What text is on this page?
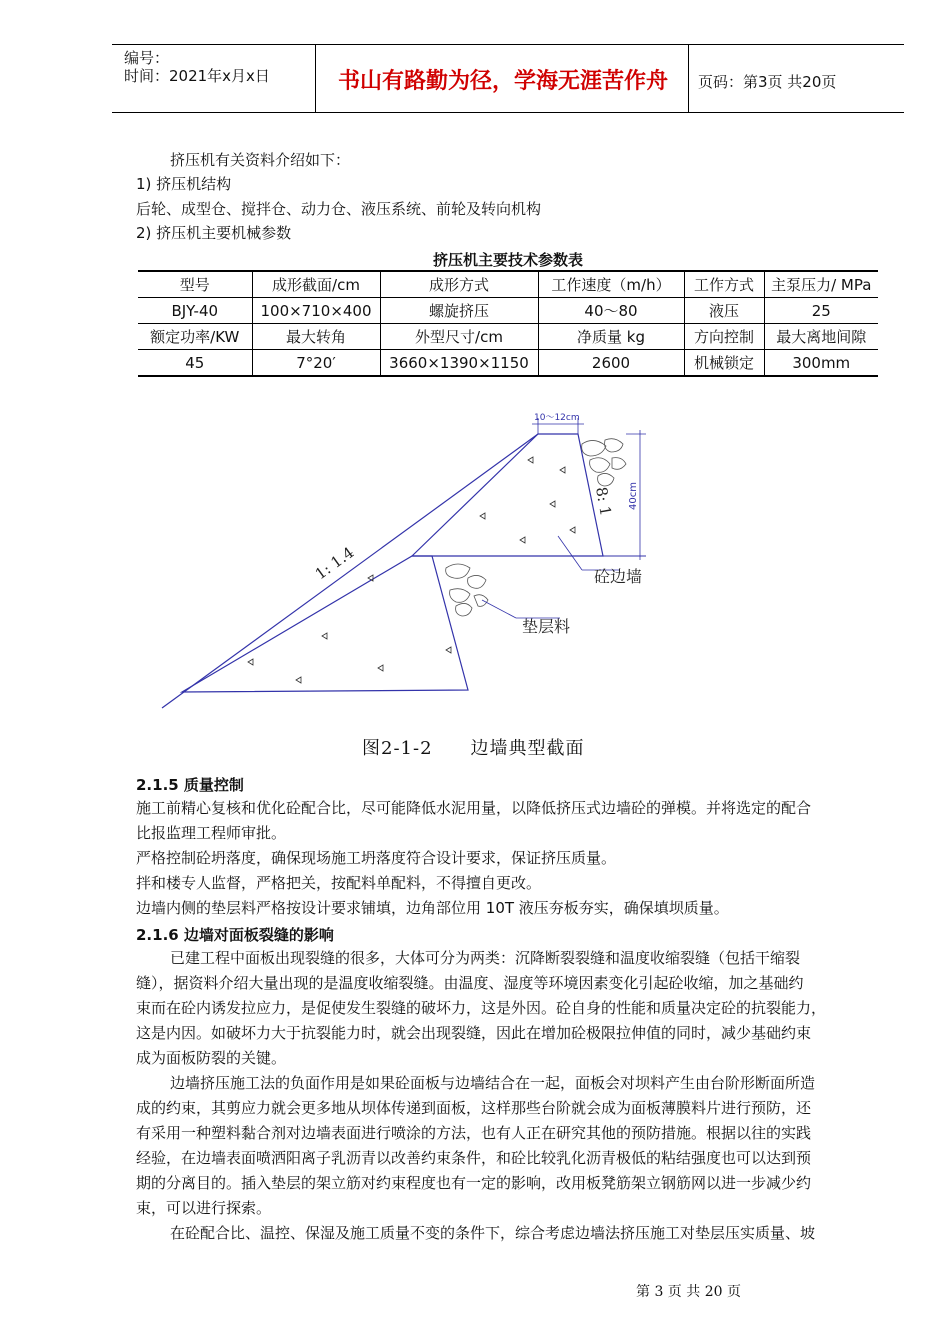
编号：
时间：2021年x月x日	书山有路勤为径，学海无涯苦作舟	页码：第3页 共20页
挤压机有关资料介绍如下：
1) 挤压机结构
后轮、成型仓、搅拌仓、动力仓、液压系统、前轮及转向机构
2) 挤压机主要机械参数
挤压机主要技术参数表
型号	成形截面/cm	成形方式	工作速度（m/h）	工作方式	主泵压力/ MPa
BJY-40	100×710×400	螺旋挤压	40～80	液压	25
额定功率/KW	最大转角	外型尺寸/cm	净质量 kg	方向控制	最大离地间隙
45	7°20′	3660×1390×1150	2600	机械锁定	300mm
10～12cm
40cm
1: 1.4
8: 1
砼边墙
垫层料
图2-1-2　　边墙典型截面
2.1.5 质量控制
施工前精心复核和优化砼配合比，尽可能降低水泥用量，以降低挤压式边墙砼的弹模。并将选定的配合
比报监理工程师审批。
严格控制砼坍落度，确保现场施工坍落度符合设计要求，保证挤压质量。
拌和楼专人监督，严格把关，按配料单配料，不得擅自更改。
边墙内侧的垫层料严格按设计要求铺填，边角部位用 10T 液压夯板夯实，确保填坝质量。
2.1.6 边墙对面板裂缝的影响
已建工程中面板出现裂缝的很多，大体可分为两类：沉降断裂裂缝和温度收缩裂缝（包括干缩裂
缝），据资料介绍大量出现的是温度收缩裂缝。由温度、湿度等环境因素变化引起砼收缩，加之基础约
束而在砼内诱发拉应力，是促使发生裂缝的破坏力，这是外因。砼自身的性能和质量决定砼的抗裂能力，
这是内因。如破坏力大于抗裂能力时，就会出现裂缝，因此在增加砼极限拉伸值的同时，减少基础约束
成为面板防裂的关键。
边墙挤压施工法的负面作用是如果砼面板与边墙结合在一起，面板会对坝料产生由台阶形断面所造
成的约束，其剪应力就会更多地从坝体传递到面板，这样那些台阶就会成为面板薄膜料片进行预防，还
有采用一种塑料黏合剂对边墙表面进行喷涂的方法，也有人正在研究其他的预防措施。根据以往的实践
经验，在边墙表面喷洒阳离子乳沥青以改善约束条件，和砼比较乳化沥青极低的粘结强度也可以达到预
期的分离目的。插入垫层的架立筋对约束程度也有一定的影响，改用板凳筋架立钢筋网以进一步减少约
束，可以进行探索。
在砼配合比、温控、保湿及施工质量不变的条件下，综合考虑边墙法挤压施工对垫层压实质量、坡
第 3 页 共 20 页
